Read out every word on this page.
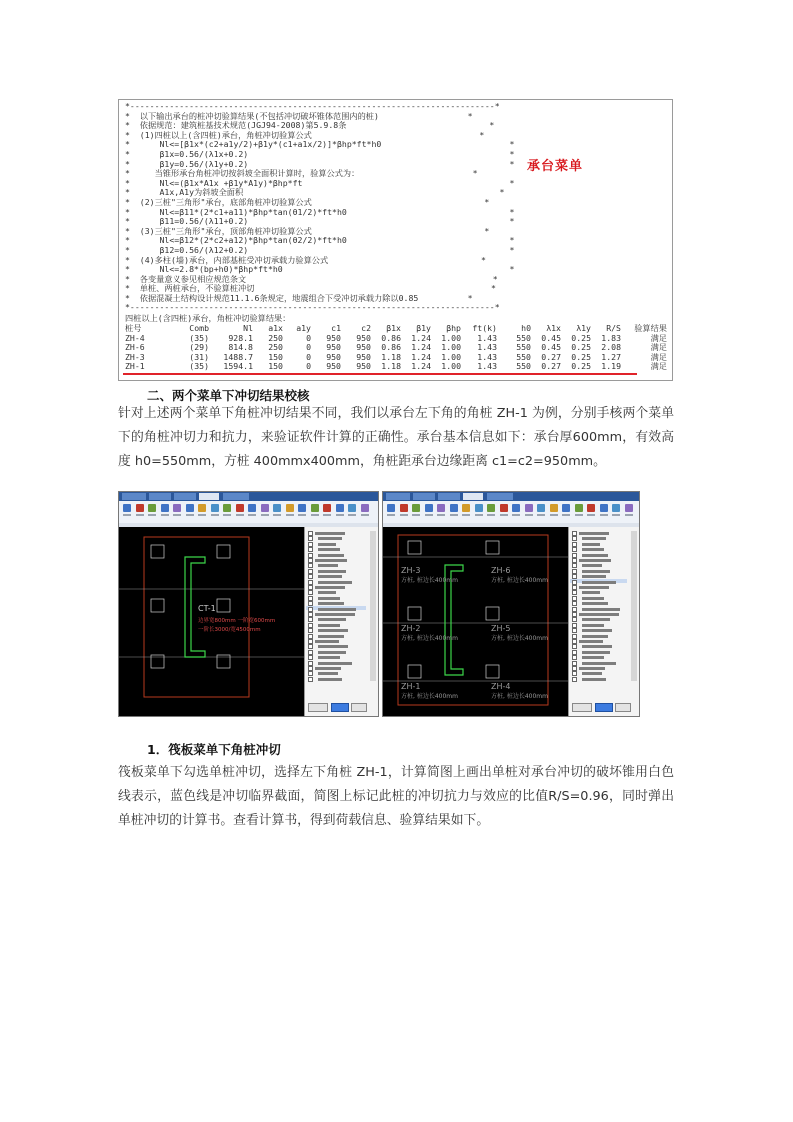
*--------------------------------------------------------------------------*
*  以下输出承台的桩冲切验算结果(不包括冲切破坏锥体范围内的桩)                  *
*  依据规范：建筑桩基技术规范(JGJ94-2008)第5.9.8条                             *
*  (1)四桩以上(含四桩)承台，角桩冲切验算公式                                  *
*      Nl<=[β1x*(c2+a1y/2)+β1y*(c1+a1x/2)]*βhp*ft*h0                          *
*      β1x=0.56/(λ1x+0.2)                                                     *
*      β1y=0.56/(λ1y+0.2)                                                     *
*     当锥形承台角桩冲切按斜坡全面积计算时，验算公式为：                       *
*      Nl<=(β1x*A1x +β1y*A1y)*βhp*ft                                          *
*      A1x,A1y为斜坡全面积                                                    *
*  (2)三桩"三角形"承台，底部角桩冲切验算公式                                   *
*      Nl<=β11*(2*c1+a11)*βhp*tan(θ1/2)*ft*h0                                 *
*      β11=0.56/(λ11+0.2)                                                     *
*  (3)三桩"三角形"承台，顶部角桩冲切验算公式                                   *
*      Nl<=β12*(2*c2+a12)*βhp*tan(θ2/2)*ft*h0                                 *
*      β12=0.56/(λ12+0.2)                                                     *
*  (4)多柱(墙)承台，内部基桩受冲切承载力验算公式                               *
*      Nl<=2.8*(bp+h0)*βhp*ft*h0                                              *
*  各变量意义参见相应规范条文                                                  *
*  单桩、两桩承台，不验算桩冲切                                                *
*  依据混凝土结构设计规范11.1.6条规定，地震组合下受冲切承载力除以0.85          *
*--------------------------------------------------------------------------*
承台菜单
四桩以上(含四桩)承台，角桩冲切验算结果：
桩号	Comb	Nl	a1x	a1y	c1	c2	β1x	β1y	βhp	ft(k)	h0	λ1x	λ1y	R/S	验算结果
ZH-4	(35)	928.1	250	0	950	950	0.86	1.24	1.00	1.43	550	0.45	0.25	1.83	满足
ZH-6	(29)	814.8	250	0	950	950	0.86	1.24	1.00	1.43	550	0.45	0.25	2.08	满足
ZH-3	(31)	1488.7	150	0	950	950	1.18	1.24	1.00	1.43	550	0.27	0.25	1.27	满足
ZH-1	(35)	1594.1	150	0	950	950	1.18	1.24	1.00	1.43	550	0.27	0.25	1.19	满足
二、两个菜单下冲切结果校核
针对上述两个菜单下角桩冲切结果不同，我们以承台左下角的角桩 ZH-1 为例，分别手核两个菜单下的角桩冲切力和抗力，来验证软件计算的正确性。承台基本信息如下：承台厚600mm，有效高度 h0=550mm，方桩 400mmx400mm，角桩距承台边缘距离 c1=c2=950mm。
CT-1
边界宽800mm 一阶宽600mm
一阶长3000/宽4500mm
ZH-3
方桩, 桩边长400mm
ZH-6
方桩, 桩边长400mm
ZH-2
方桩, 桩边长400mm
ZH-5
方桩, 桩边长400mm
ZH-1
方桩, 桩边长400mm
ZH-4
方桩, 桩边长400mm
1．筏板菜单下角桩冲切
筏板菜单下勾选单桩冲切，选择左下角桩 ZH-1，计算简图上画出单桩对承台冲切的破坏锥用白色线表示，蓝色线是冲切临界截面，简图上标记此桩的冲切抗力与效应的比值R/S=0.96，同时弹出单桩冲切的计算书。查看计算书，得到荷载信息、验算结果如下。
